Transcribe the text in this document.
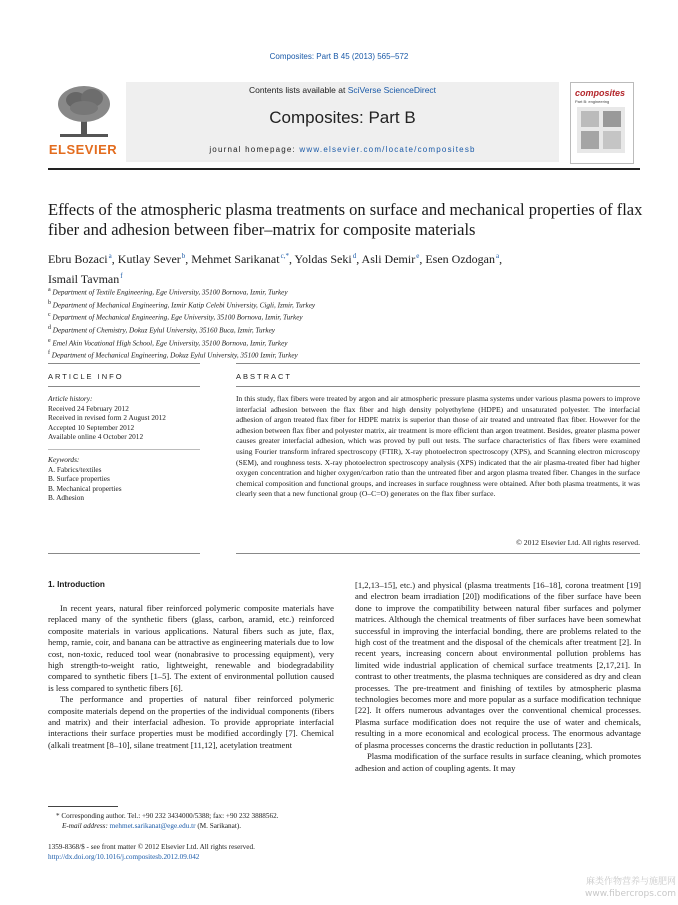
Composites: Part B 45 (2013) 565–572
ELSEVIER
Contents lists available at SciVerse ScienceDirect
Composites: Part B
journal homepage: www.elsevier.com/locate/compositesb
composites
Part B: engineering
Effects of the atmospheric plasma treatments on surface and mechanical properties of flax fiber and adhesion between fiber–matrix for composite materials
Ebru Bozaci $^a$, Kutlay Sever $^b$, Mehmet Sarikanat $^{c,*}$, Yoldas Seki $^d$, Asli Demir $^e$, Esen Ozdogan $^a$,
Ismail Tavman $^f$
$^a$ Department of Textile Engineering, Ege University, 35100 Bornova, Izmir, Turkey
$^b$ Department of Mechanical Engineering, Izmir Katip Celebi University, Cigli, Izmir, Turkey
$^c$ Department of Mechanical Engineering, Ege University, 35100 Bornova, Izmir, Turkey
$^d$ Department of Chemistry, Dokuz Eylul University, 35160 Buca, Izmir, Turkey
$^e$ Emel Akin Vocational High School, Ege University, 35100 Bornova, Izmir, Turkey
$^f$ Department of Mechanical Engineering, Dokuz Eylul University, 35100 Izmir, Turkey
ARTICLE INFO
Article history:
Received 24 February 2012
Received in revised form 2 August 2012
Accepted 10 September 2012
Available online 4 October 2012
Keywords:
A. Fabrics/textiles
B. Surface properties
B. Mechanical properties
B. Adhesion
ABSTRACT
In this study, flax fibers were treated by argon and air atmospheric pressure plasma systems under various plasma powers to improve interfacial adhesion between the flax fiber and high density polyethylene (HDPE) and unsaturated polyester. The interfacial adhesion of argon treated flax fiber for HDPE matrix is superior than those of air treated and untreated flax fiber. However for the adhesion between flax fiber and polyester matrix, air treatment is more efficient than argon treatment. Besides, greater plasma power causes greater interfacial adhesion, which was proved by pull out tests. The surface characteristics of flax fibers were examined using Fourier transform infrared spectroscopy (FTIR), X-ray photoelectron spectroscopy (XPS), and Scanning electron microscopy (SEM), and roughness tests. X-ray photoelectron spectroscopy analysis (XPS) indicated that the air plasma-treated fiber had higher oxygen concentration and higher oxygen/carbon ratio than the untreated fiber and argon plasma treated fiber. Changes in the surface chemical composition and functional groups, and increases in surface roughness were obtained. After both plasma treatments, it was clearly seen that a new functional group (O–C=O) generates on the flax fiber surface.
© 2012 Elsevier Ltd. All rights reserved.
1. Introduction

In recent years, natural fiber reinforced polymeric composite materials have replaced many of the synthetic fibers (glass, carbon, aramid, etc.) reinforced composite materials in various applications. Natural fibers such as jute, flax, hemp, ramie, coir, and banana can be attractive as engineering materials due to low cost, non-toxic, reduced tool wear (nonabrasive to processing equipment), very high strength-to-weight ratio, lightweight, renewable and biodegradability compared to synthetic fibers [1–5]. The extent of environmental pollution caused is less compared to synthetic fibers [6].

The performance and properties of natural fiber reinforced polymeric composite materials depend on the properties of the individual components (fibers and matrix) and their interfacial adhesion. To provide appropriate interfacial interactions their surface properties must be modified accordingly [7]. Chemical (alkali treatment [8–10], silane treatment [11,12], acetylation treatment

[1,2,13–15], etc.) and physical (plasma treatments [16–18], corona treatment [19] and electron beam irradiation [20]) modifications of the fiber surface have been done to improve the compatibility between natural fiber surfaces and polymer matrices. Although the chemical treatments of fiber surfaces have been somewhat successful in improving the interfacial bonding, there are problems related to the high cost of the treatment and the disposal of the chemicals after treatment [2]. In recent years, increasing concern about environmental pollution problems has limited wide industrial application of chemical surface treatments [2,17,21]. In contrast to other treatments, the plasma techniques are considered as dry and clean processes. The pre-treatment and finishing of textiles by atmospheric plasma technologies becomes more and more popular as a surface modification technique [22]. It offers numerous advantages over the conventional chemical processes. Plasma surface modification does not require the use of water and chemicals, resulting in a more economical and ecological process. The enormous advantage of plasma processes concerns the drastic reduction in pollutants [23].

Plasma modification of the surface results in surface cleaning, which promotes adhesion and action of coupling agents. It may

* Corresponding author. Tel.: +90 232 3434000/5388; fax: +90 232 3888562.
E-mail address: mehmet.sarikanat@ege.edu.tr (M. Sarikanat).
1359-8368/$ - see front matter © 2012 Elsevier Ltd. All rights reserved.
http://dx.doi.org/10.1016/j.compositesb.2012.09.042
麻类作物营养与施肥网
www.fibercrops.com
